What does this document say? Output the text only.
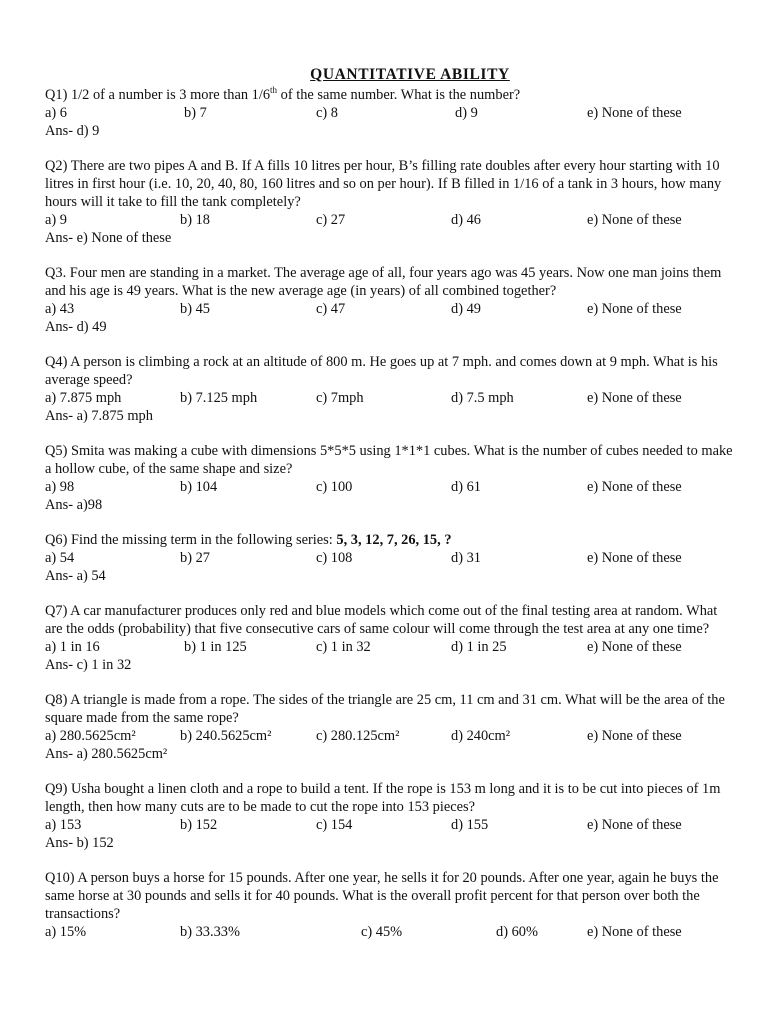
QUANTITATIVE ABILITY

Q1) 1/2 of a number is 3 more than 1/6th of the same number. What is the number?

a) 6	b) 7	c) 8	d) 9	e) None of these
Ans- d) 9

Q2) There are two pipes A and B. If A fills 10 litres per hour, B’s filling rate doubles after every hour starting with 10 litres in first hour (i.e. 10, 20, 40, 80, 160 litres and so on per hour). If B filled in 1/16 of a tank in 3 hours, how many hours will it take to fill the tank completely?

a) 9	b) 18	c) 27	d) 46	e) None of these
Ans- e) None of these

Q3. Four men are standing in a market. The average age of all, four years ago was 45 years. Now one man joins them and his age is 49 years. What is the new average age (in years) of all combined together?

a) 43	b) 45	c) 47	d) 49	e) None of these
Ans- d) 49

Q4) A person is climbing a rock at an altitude of 800 m. He goes up at 7 mph. and comes down at 9 mph. What is his average speed?

a) 7.875 mph	b) 7.125 mph	c) 7mph	d) 7.5 mph	e) None of these
Ans- a) 7.875 mph

Q5) Smita was making a cube with dimensions 5*5*5 using 1*1*1 cubes. What is the number of cubes needed to make a hollow cube, of the same shape and size?

a) 98	b) 104	c) 100	d) 61	e) None of these
Ans- a)98

Q6) Find the missing term in the following series: 5, 3, 12, 7, 26, 15, ?

a) 54	b) 27	c) 108	d) 31	e) None of these
Ans- a) 54

Q7) A car manufacturer produces only red and blue models which come out of the final testing area at random. What are the odds (probability) that five consecutive cars of same colour will come through the test area at any one time?

a) 1 in 16	b) 1 in 125	c) 1 in 32	d) 1 in 25	e) None of these
Ans- c) 1 in 32

Q8) A triangle is made from a rope. The sides of the triangle are 25 cm, 11 cm and 31 cm. What will be the area of the square made from the same rope?

a) 280.5625cm²	b) 240.5625cm²	c) 280.125cm²	d) 240cm²	e) None of these
Ans- a) 280.5625cm²

Q9) Usha bought a linen cloth and a rope to build a tent. If the rope is 153 m long and it is to be cut into pieces of 1m length, then how many cuts are to be made to cut the rope into 153 pieces?

a) 153	b) 152	c) 154	d) 155	e) None of these
Ans- b) 152

Q10) A person buys a horse for 15 pounds. After one year, he sells it for 20 pounds. After one year, again he buys the same horse at 30 pounds and sells it for 40 pounds. What is the overall profit percent for that person over both the transactions?

a) 15%	b) 33.33%	c) 45%	d) 60%	e) None of these
